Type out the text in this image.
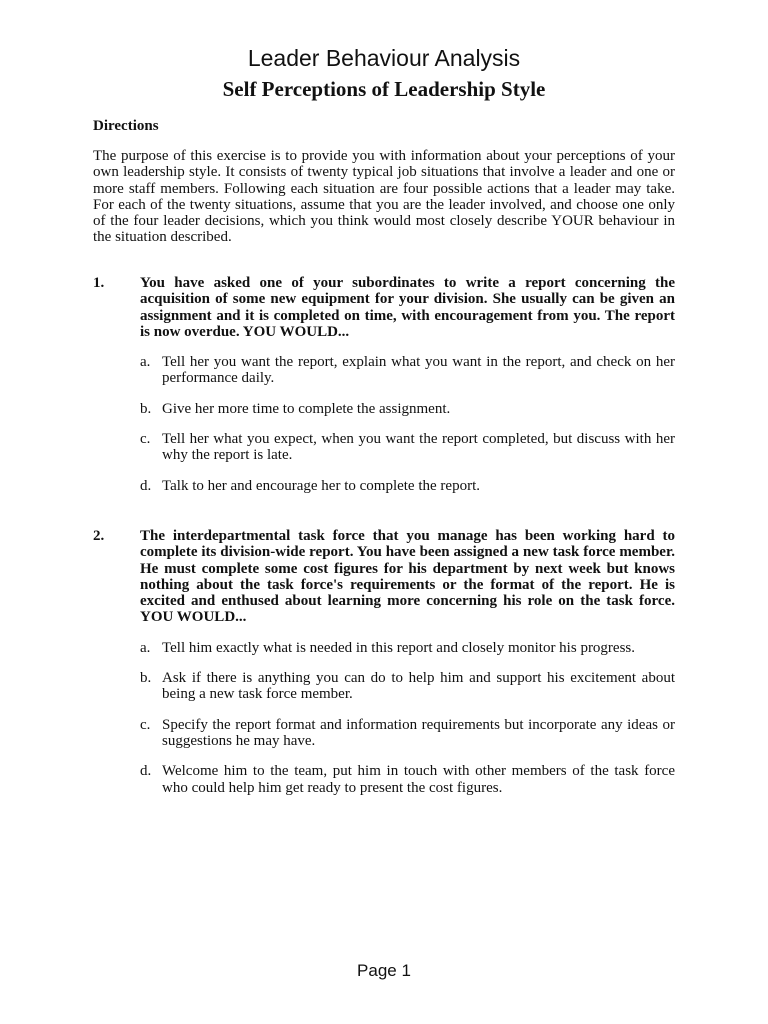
Leader Behaviour Analysis
Self Perceptions of Leadership Style
Directions
The purpose of this exercise is to provide you with information about your perceptions of your own leadership style. It consists of twenty typical job situations that involve a leader and one or more staff members. Following each situation are four possible actions that a leader may take. For each of the twenty situations, assume that you are the leader involved, and choose one only of the four leader decisions, which you think would most closely describe YOUR behaviour in the situation described.
1. You have asked one of your subordinates to write a report concerning the acquisition of some new equipment for your division. She usually can be given an assignment and it is completed on time, with encouragement from you. The report is now overdue. YOU WOULD...
a. Tell her you want the report, explain what you want in the report, and check on her performance daily.
b. Give her more time to complete the assignment.
c. Tell her what you expect, when you want the report completed, but discuss with her why the report is late.
d. Talk to her and encourage her to complete the report.
2. The interdepartmental task force that you manage has been working hard to complete its division-wide report. You have been assigned a new task force member. He must complete some cost figures for his department by next week but knows nothing about the task force's requirements or the format of the report. He is excited and enthused about learning more concerning his role on the task force. YOU WOULD...
a. Tell him exactly what is needed in this report and closely monitor his progress.
b. Ask if there is anything you can do to help him and support his excitement about being a new task force member.
c. Specify the report format and information requirements but incorporate any ideas or suggestions he may have.
d. Welcome him to the team, put him in touch with other members of the task force who could help him get ready to present the cost figures.
Page 1
